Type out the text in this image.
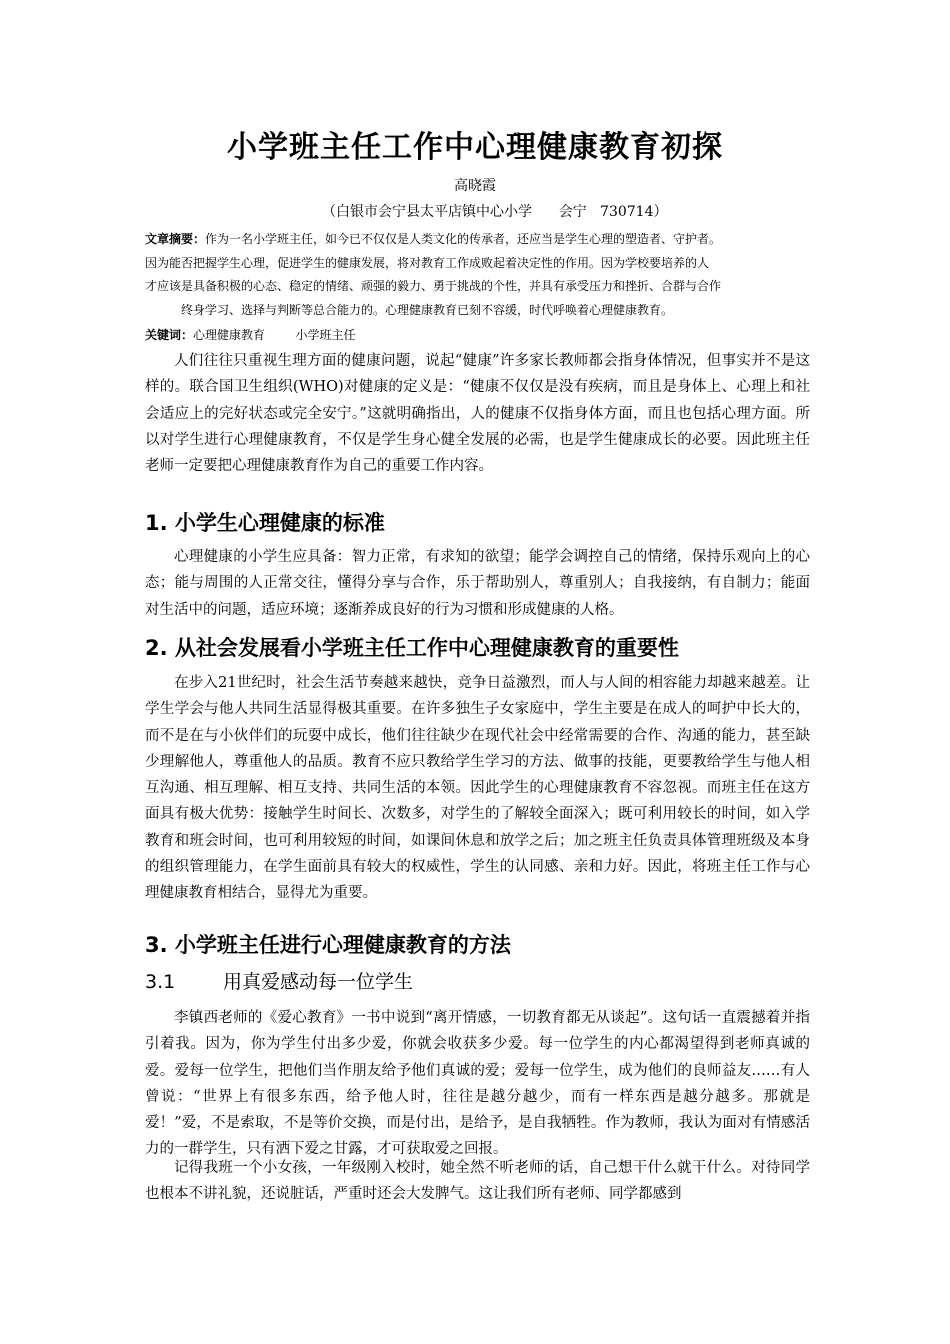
小学班主任工作中心理健康教育初探
高晓霞
（白银市会宁县太平店镇中心小学      会宁   730714）
文章摘要：作为一名小学班主任，如今已不仅仅是人类文化的传承者，还应当是学生心理的塑造者、守护者。
因为能否把握学生心理，促进学生的健康发展，将对教育工作成败起着决定性的作用。因为学校要培养的人
才应该是具备积极的心态、稳定的情绪、顽强的毅力、勇于挑战的个性，并具有承受压力和挫折、合群与合作
终身学习、选择与判断等总合能力的。心理健康教育已刻不容缓，时代呼唤着心理健康教育。
关键词：心理健康教育	小学班主任
人们往往只重视生理方面的健康问题，说起“健康”许多家长教师都会指身体情况，但事实并不是这样的。联合国卫生组织(WHO)对健康的定义是：“健康不仅仅是没有疾病，而且是身体上、心理上和社会适应上的完好状态或完全安宁。”这就明确指出，人的健康不仅指身体方面，而且也包括心理方面。所以对学生进行心理健康教育，不仅是学生身心健全发展的必需，也是学生健康成长的必要。因此班主任老师一定要把心理健康教育作为自己的重要工作内容。
1. 小学生心理健康的标准
心理健康的小学生应具备：智力正常，有求知的欲望；能学会调控自己的情绪，保持乐观向上的心态；能与周围的人正常交往，懂得分享与合作，乐于帮助别人，尊重别人；自我接纳，有自制力；能面对生活中的问题，适应环境；逐渐养成良好的行为习惯和形成健康的人格。
2. 从社会发展看小学班主任工作中心理健康教育的重要性
在步入21世纪时，社会生活节奏越来越快，竞争日益激烈，而人与人间的相容能力却越来越差。让学生学会与他人共同生活显得极其重要。在许多独生子女家庭中，学生主要是在成人的呵护中长大的，而不是在与小伙伴们的玩耍中成长，他们往往缺少在现代社会中经常需要的合作、沟通的能力，甚至缺少理解他人，尊重他人的品质。教育不应只教给学生学习的方法、做事的技能，更要教给学生与他人相互沟通、相互理解、相互支持、共同生活的本领。因此学生的心理健康教育不容忽视。而班主任在这方面具有极大优势：接触学生时间长、次数多，对学生的了解较全面深入；既可利用较长的时间，如入学教育和班会时间，也可利用较短的时间，如课间休息和放学之后；加之班主任负责具体管理班级及本身的组织管理能力，在学生面前具有较大的权威性，学生的认同感、亲和力好。因此，将班主任工作与心理健康教育相结合，显得尤为重要。
3. 小学班主任进行心理健康教育的方法
3.1	用真爱感动每一位学生
李镇西老师的《爱心教育》一书中说到“离开情感，一切教育都无从谈起”。这句话一直震撼着并指引着我。因为，你为学生付出多少爱，你就会收获多少爱。每一位学生的内心都渴望得到老师真诚的爱。爱每一位学生，把他们当作朋友给予他们真诚的爱；爱每一位学生，成为他们的良师益友……有人曾说：“世界上有很多东西，给予他人时，往往是越分越少，而有一样东西是越分越多。那就是爱！”爱，不是索取，不是等价交换，而是付出，是给予，是自我牺牲。作为教师，我认为面对有情感活力的一群学生，只有洒下爱之甘露，才可获取爱之回报。
记得我班一个小女孩，一年级刚入校时，她全然不听老师的话，自己想干什么就干什么。对待同学也根本不讲礼貌，还说脏话，严重时还会大发脾气。这让我们所有老师、同学都感到
